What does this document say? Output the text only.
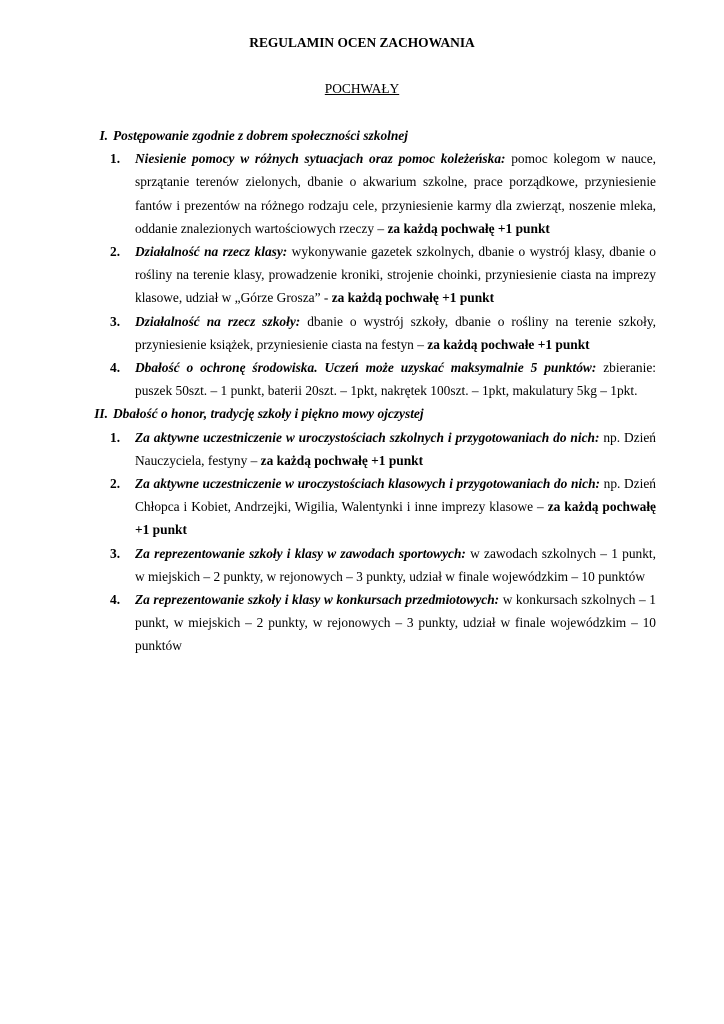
REGULAMIN OCEN ZACHOWANIA
POCHWAŁY
I. Postępowanie zgodnie z dobrem społeczności szkolnej
1. Niesienie pomocy w różnych sytuacjach oraz pomoc koleżeńska: pomoc kolegom w nauce, sprzątanie terenów zielonych, dbanie o akwarium szkolne, prace porządkowe, przyniesienie fantów i prezentów na różnego rodzaju cele, przyniesienie karmy dla zwierząt, noszenie mleka, oddanie znalezionych wartościowych rzeczy – za każdą pochwałę +1 punkt
2. Działalność na rzecz klasy: wykonywanie gazetek szkolnych, dbanie o wystrój klasy, dbanie o rośliny na terenie klasy, prowadzenie kroniki, strojenie choinki, przyniesienie ciasta na imprezy klasowe, udział w „Górze Grosza” - za każdą pochwałę +1 punkt
3. Działalność na rzecz szkoły: dbanie o wystrój szkoły, dbanie o rośliny na terenie szkoły, przyniesienie książek, przyniesienie ciasta na festyn – za każdą pochwałe +1 punkt
4. Dbałość o ochronę środowiska. Uczeń może uzyskać maksymalnie 5 punktów: zbieranie: puszek 50szt. – 1 punkt, baterii 20szt. – 1pkt, nakrętek 100szt. – 1pkt, makulatury 5kg – 1pkt.
II. Dbałość o honor, tradycję szkoły i piękno mowy ojczystej
1. Za aktywne uczestniczenie w uroczystościach szkolnych i przygotowaniach do nich: np. Dzień Nauczyciela, festyny – za każdą pochwałę +1 punkt
2. Za aktywne uczestniczenie w uroczystościach klasowych i przygotowaniach do nich: np. Dzień Chłopca i Kobiet, Andrzejki, Wigilia, Walentynki i inne imprezy klasowe – za każdą pochwałę +1 punkt
3. Za reprezentowanie szkoły i klasy w zawodach sportowych: w zawodach szkolnych – 1 punkt, w miejskich – 2 punkty, w rejonowych – 3 punkty, udział w finale wojewódzkim – 10 punktów
4. Za reprezentowanie szkoły i klasy w konkursach przedmiotowych: w konkursach szkolnych – 1 punkt, w miejskich – 2 punkty, w rejonowych – 3 punkty, udział w finale wojewódzkim – 10 punktów
